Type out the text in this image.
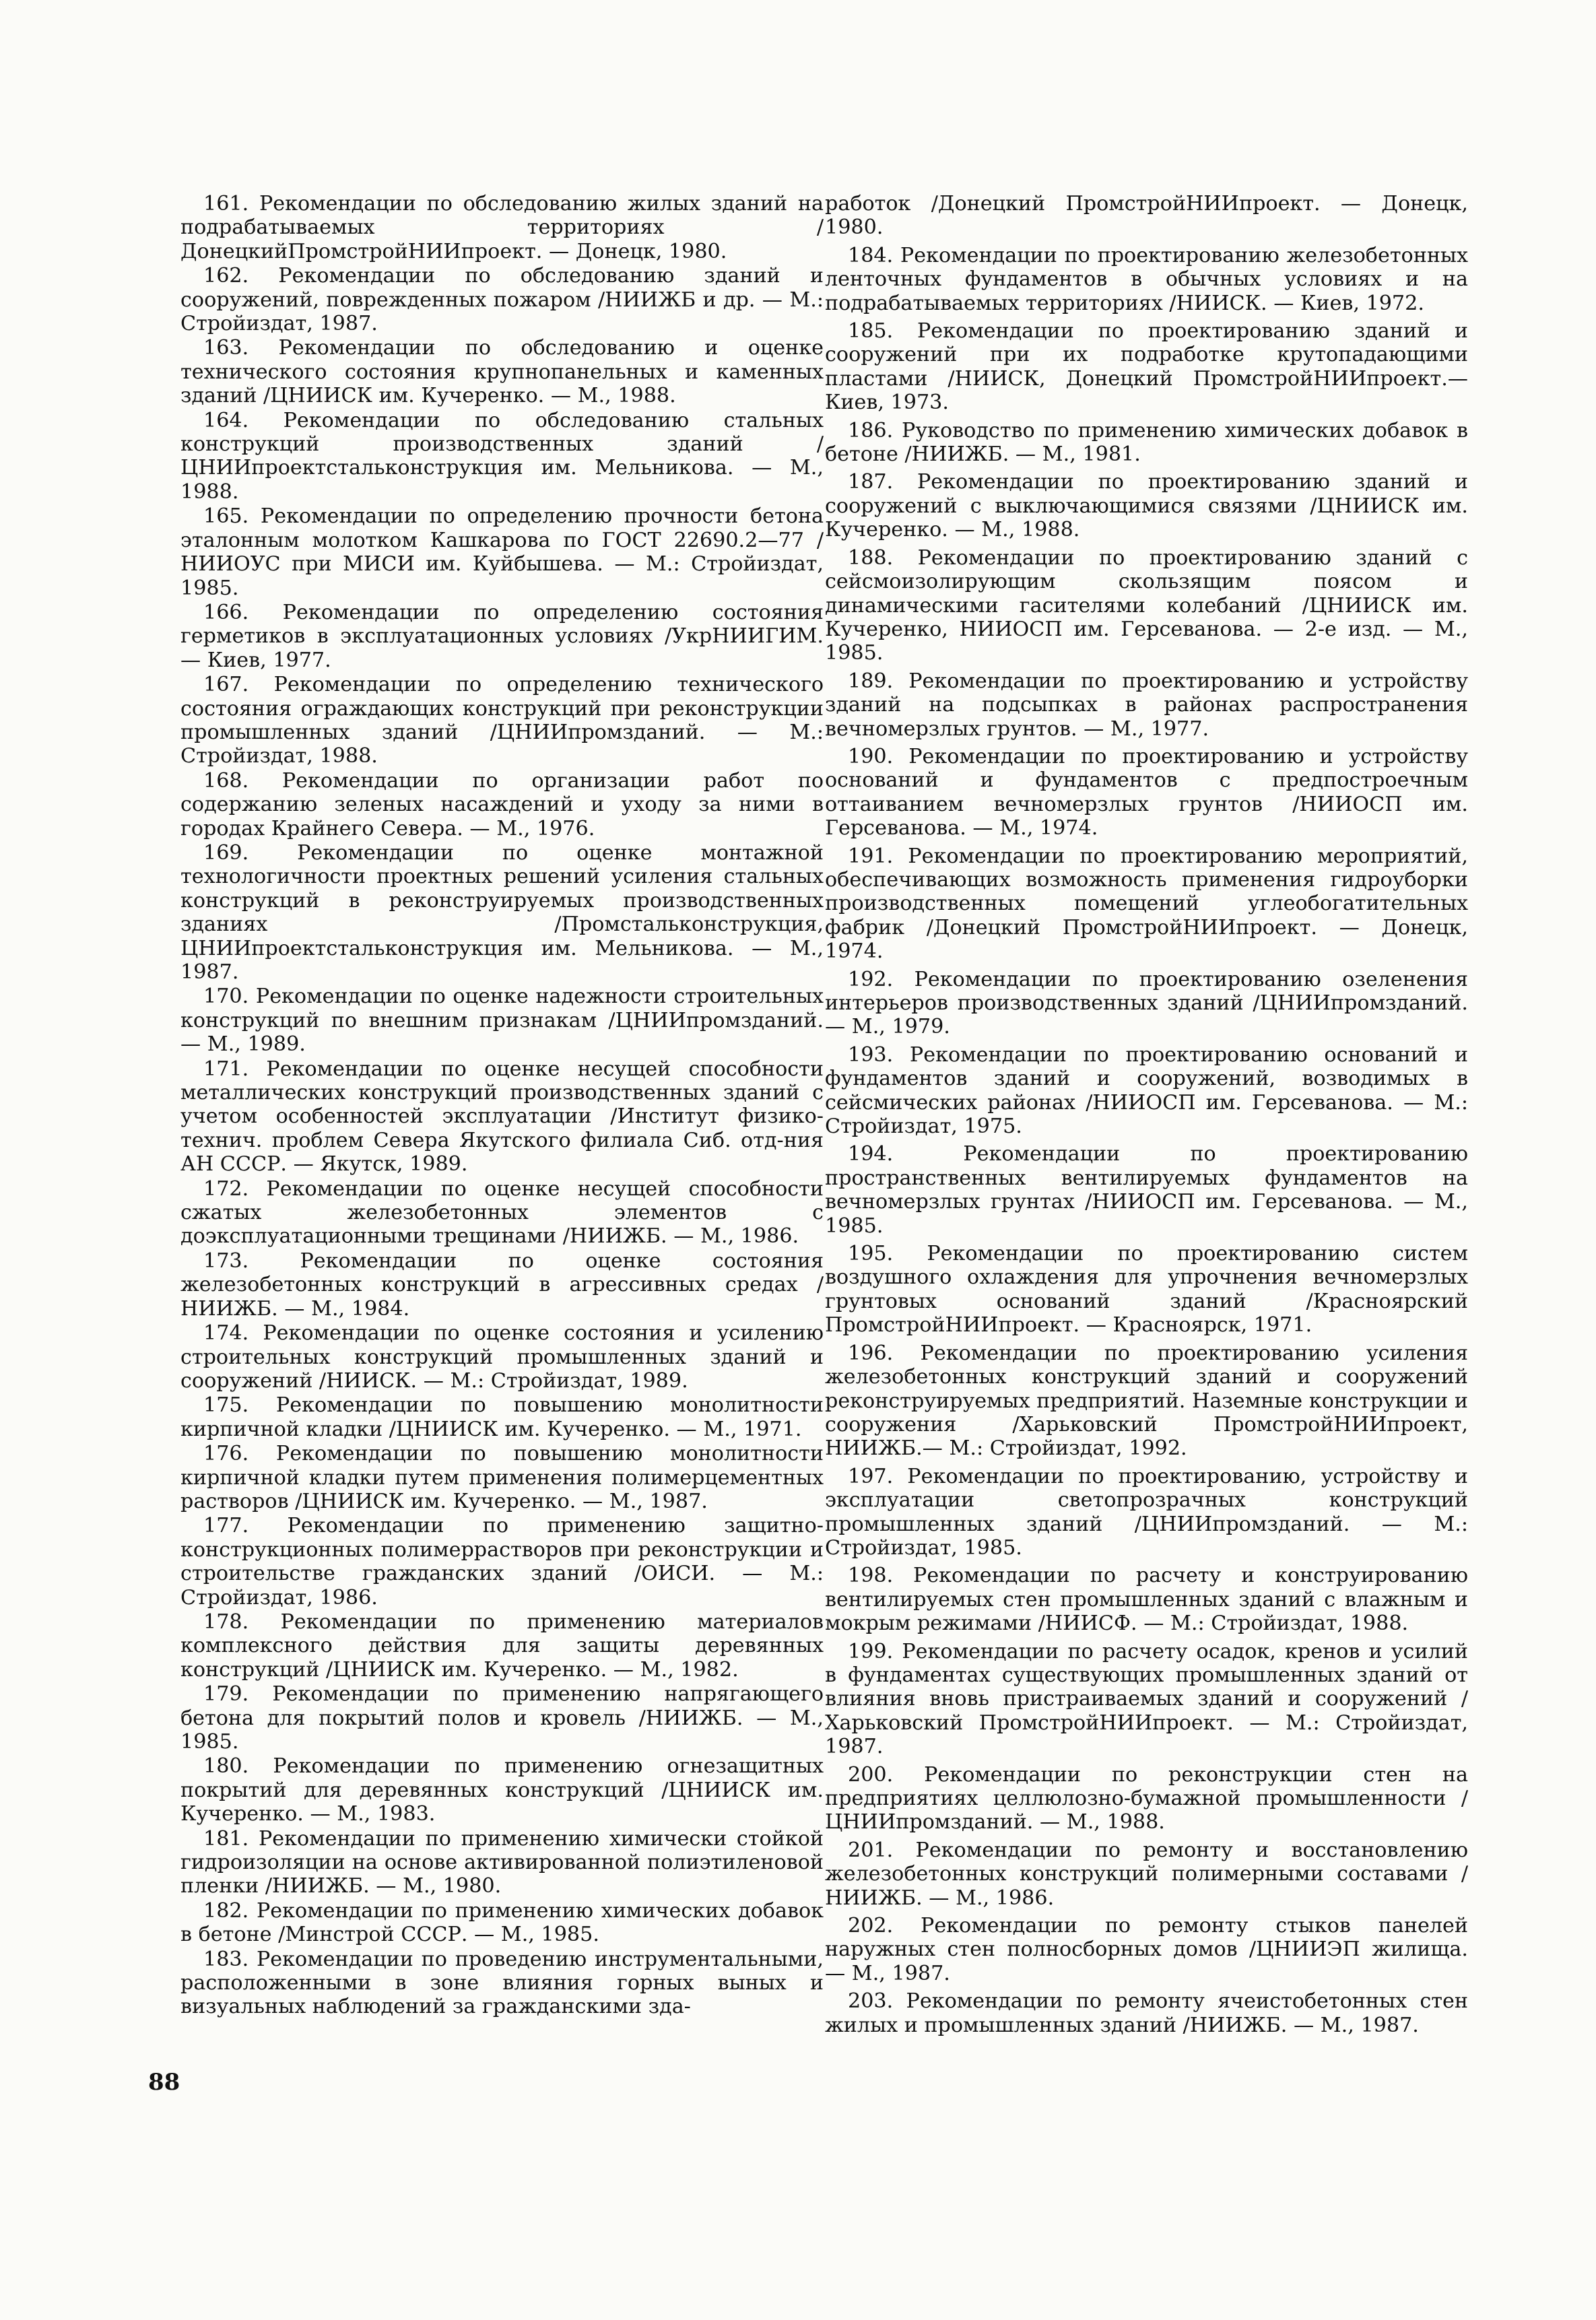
161. Рекомендации по обследованию жилых зданий на подрабатываемых территориях /ДонецкийПромстройНИИпроект. — Донецк, 1980.

162. Рекомендации по обследованию зданий и сооружений, поврежденных пожаром /НИИЖБ и др. — М.: Стройиздат, 1987.

163. Рекомендации по обследованию и оценке технического состояния крупнопанельных и каменных зданий /ЦНИИСК им. Кучеренко. — М., 1988.

164. Рекомендации по обследованию стальных конструкций производственных зданий /ЦНИИпроектстальконструкция им. Мельникова. — М., 1988.

165. Рекомендации по определению прочности бетона эталонным молотком Кашкарова по ГОСТ 22690.2—77 /НИИОУС при МИСИ им. Куйбышева. — М.: Стройиздат, 1985.

166. Рекомендации по определению состояния герметиков в эксплуатационных условиях /УкрНИИГИМ. — Киев, 1977.

167. Рекомендации по определению технического состояния ограждающих конструкций при реконструкции промышленных зданий /ЦНИИпромзданий. — М.: Стройиздат, 1988.

168. Рекомендации по организации работ по содержанию зеленых насаждений и уходу за ними в городах Крайнего Севера. — М., 1976.

169. Рекомендации по оценке монтажной технологичности проектных решений усиления стальных конструкций в реконструируемых производственных зданиях /Промстальконструкция, ЦНИИпроектстальконструкция им. Мельникова. — М., 1987.

170. Рекомендации по оценке надежности строительных конструкций по внешним признакам /ЦНИИпромзданий. — М., 1989.

171. Рекомендации по оценке несущей способности металлических конструкций производственных зданий с учетом особенностей эксплуатации /Институт физико-технич. проблем Севера Якутского филиала Сиб. отд-ния АН СССР. — Якутск, 1989.

172. Рекомендации по оценке несущей способности сжатых железобетонных элементов с доэксплуатационными трещинами /НИИЖБ. — М., 1986.

173. Рекомендации по оценке состояния железобетонных конструкций в агрессивных средах /НИИЖБ. — М., 1984.

174. Рекомендации по оценке состояния и усилению строительных конструкций промышленных зданий и сооружений /НИИСК. — М.: Стройиздат, 1989.

175. Рекомендации по повышению монолитности кирпичной кладки /ЦНИИСК им. Кучеренко. — М., 1971.

176. Рекомендации по повышению монолитности кирпичной кладки путем применения полимерцементных растворов /ЦНИИСК им. Кучеренко. — М., 1987.

177. Рекомендации по применению защитно-конструкционных полимеррастворов при реконструкции и строительстве гражданских зданий /ОИСИ. — М.: Стройиздат, 1986.

178. Рекомендации по применению материалов комплексного действия для защиты деревянных конструкций /ЦНИИСК им. Кучеренко. — М., 1982.

179. Рекомендации по применению напрягающего бетона для покрытий полов и кровель /НИИЖБ. — М., 1985.

180. Рекомендации по применению огнезащитных покрытий для деревянных конструкций /ЦНИИСК им. Кучеренко. — М., 1983.

181. Рекомендации по применению химически стойкой гидроизоляции на основе активированной полиэтиленовой пленки /НИИЖБ. — М., 1980.

182. Рекомендации по применению химических добавок в бетоне /Минстрой СССР. — М., 1985.

183. Рекомендации по проведению инструментальными, расположенными в зоне влияния горных выных и визуальных наблюдений за гражданскими зда-

работок /Донецкий ПромстройНИИпроект. — Донецк, 1980.

184. Рекомендации по проектированию железобетонных ленточных фундаментов в обычных условиях и на подрабатываемых территориях /НИИСК. — Киев, 1972.

185. Рекомендации по проектированию зданий и сооружений при их подработке крутопадающими пластами /НИИСК, Донецкий ПромстройНИИпроект.— Киев, 1973.

186. Руководство по применению химических добавок в бетоне /НИИЖБ. — М., 1981.

187. Рекомендации по проектированию зданий и сооружений с выключающимися связями /ЦНИИСК им. Кучеренко. — М., 1988.

188. Рекомендации по проектированию зданий с сейсмоизолирующим скользящим поясом и динамическими гасителями колебаний /ЦНИИСК им. Кучеренко, НИИОСП им. Герсеванова. — 2-е изд. — М., 1985.

189. Рекомендации по проектированию и устройству зданий на подсыпках в районах распространения вечномерзлых грунтов. — М., 1977.

190. Рекомендации по проектированию и устройству оснований и фундаментов с предпостроечным оттаиванием вечномерзлых грунтов /НИИОСП им. Герсеванова. — М., 1974.

191. Рекомендации по проектированию мероприятий, обеспечивающих возможность применения гидроуборки производственных помещений углеобогатительных фабрик /Донецкий ПромстройНИИпроект. — Донецк, 1974.

192. Рекомендации по проектированию озеленения интерьеров производственных зданий /ЦНИИпромзданий. — М., 1979.

193. Рекомендации по проектированию оснований и фундаментов зданий и сооружений, возводимых в сейсмических районах /НИИОСП им. Герсеванова. — М.: Стройиздат, 1975.

194. Рекомендации по проектированию пространственных вентилируемых фундаментов на вечномерзлых грунтах /НИИОСП им. Герсеванова. — М., 1985.

195. Рекомендации по проектированию систем воздушного охлаждения для упрочнения вечномерзлых грунтовых оснований зданий /Красноярский ПромстройНИИпроект. — Красноярск, 1971.

196. Рекомендации по проектированию усиления железобетонных конструкций зданий и сооружений реконструируемых предприятий. Наземные конструкции и сооружения /Харьковский ПромстройНИИпроект, НИИЖБ.— М.: Стройиздат, 1992.

197. Рекомендации по проектированию, устройству и эксплуатации светопрозрачных конструкций промышленных зданий /ЦНИИпромзданий. — М.: Стройиздат, 1985.

198. Рекомендации по расчету и конструированию вентилируемых стен промышленных зданий с влажным и мокрым режимами /НИИСФ. — М.: Стройиздат, 1988.

199. Рекомендации по расчету осадок, кренов и усилий в фундаментах существующих промышленных зданий от влияния вновь пристраиваемых зданий и сооружений /Харьковский ПромстройНИИпроект. — М.: Стройиздат, 1987.

200. Рекомендации по реконструкции стен на предприятиях целлюлозно-бумажной промышленности /ЦНИИпромзданий. — М., 1988.

201. Рекомендации по ремонту и восстановлению железобетонных конструкций полимерными составами /НИИЖБ. — М., 1986.

202. Рекомендации по ремонту стыков панелей наружных стен полносборных домов /ЦНИИЭП жилища. — М., 1987.

203. Рекомендации по ремонту ячеистобетонных стен жилых и промышленных зданий /НИИЖБ. — М., 1987.

88
